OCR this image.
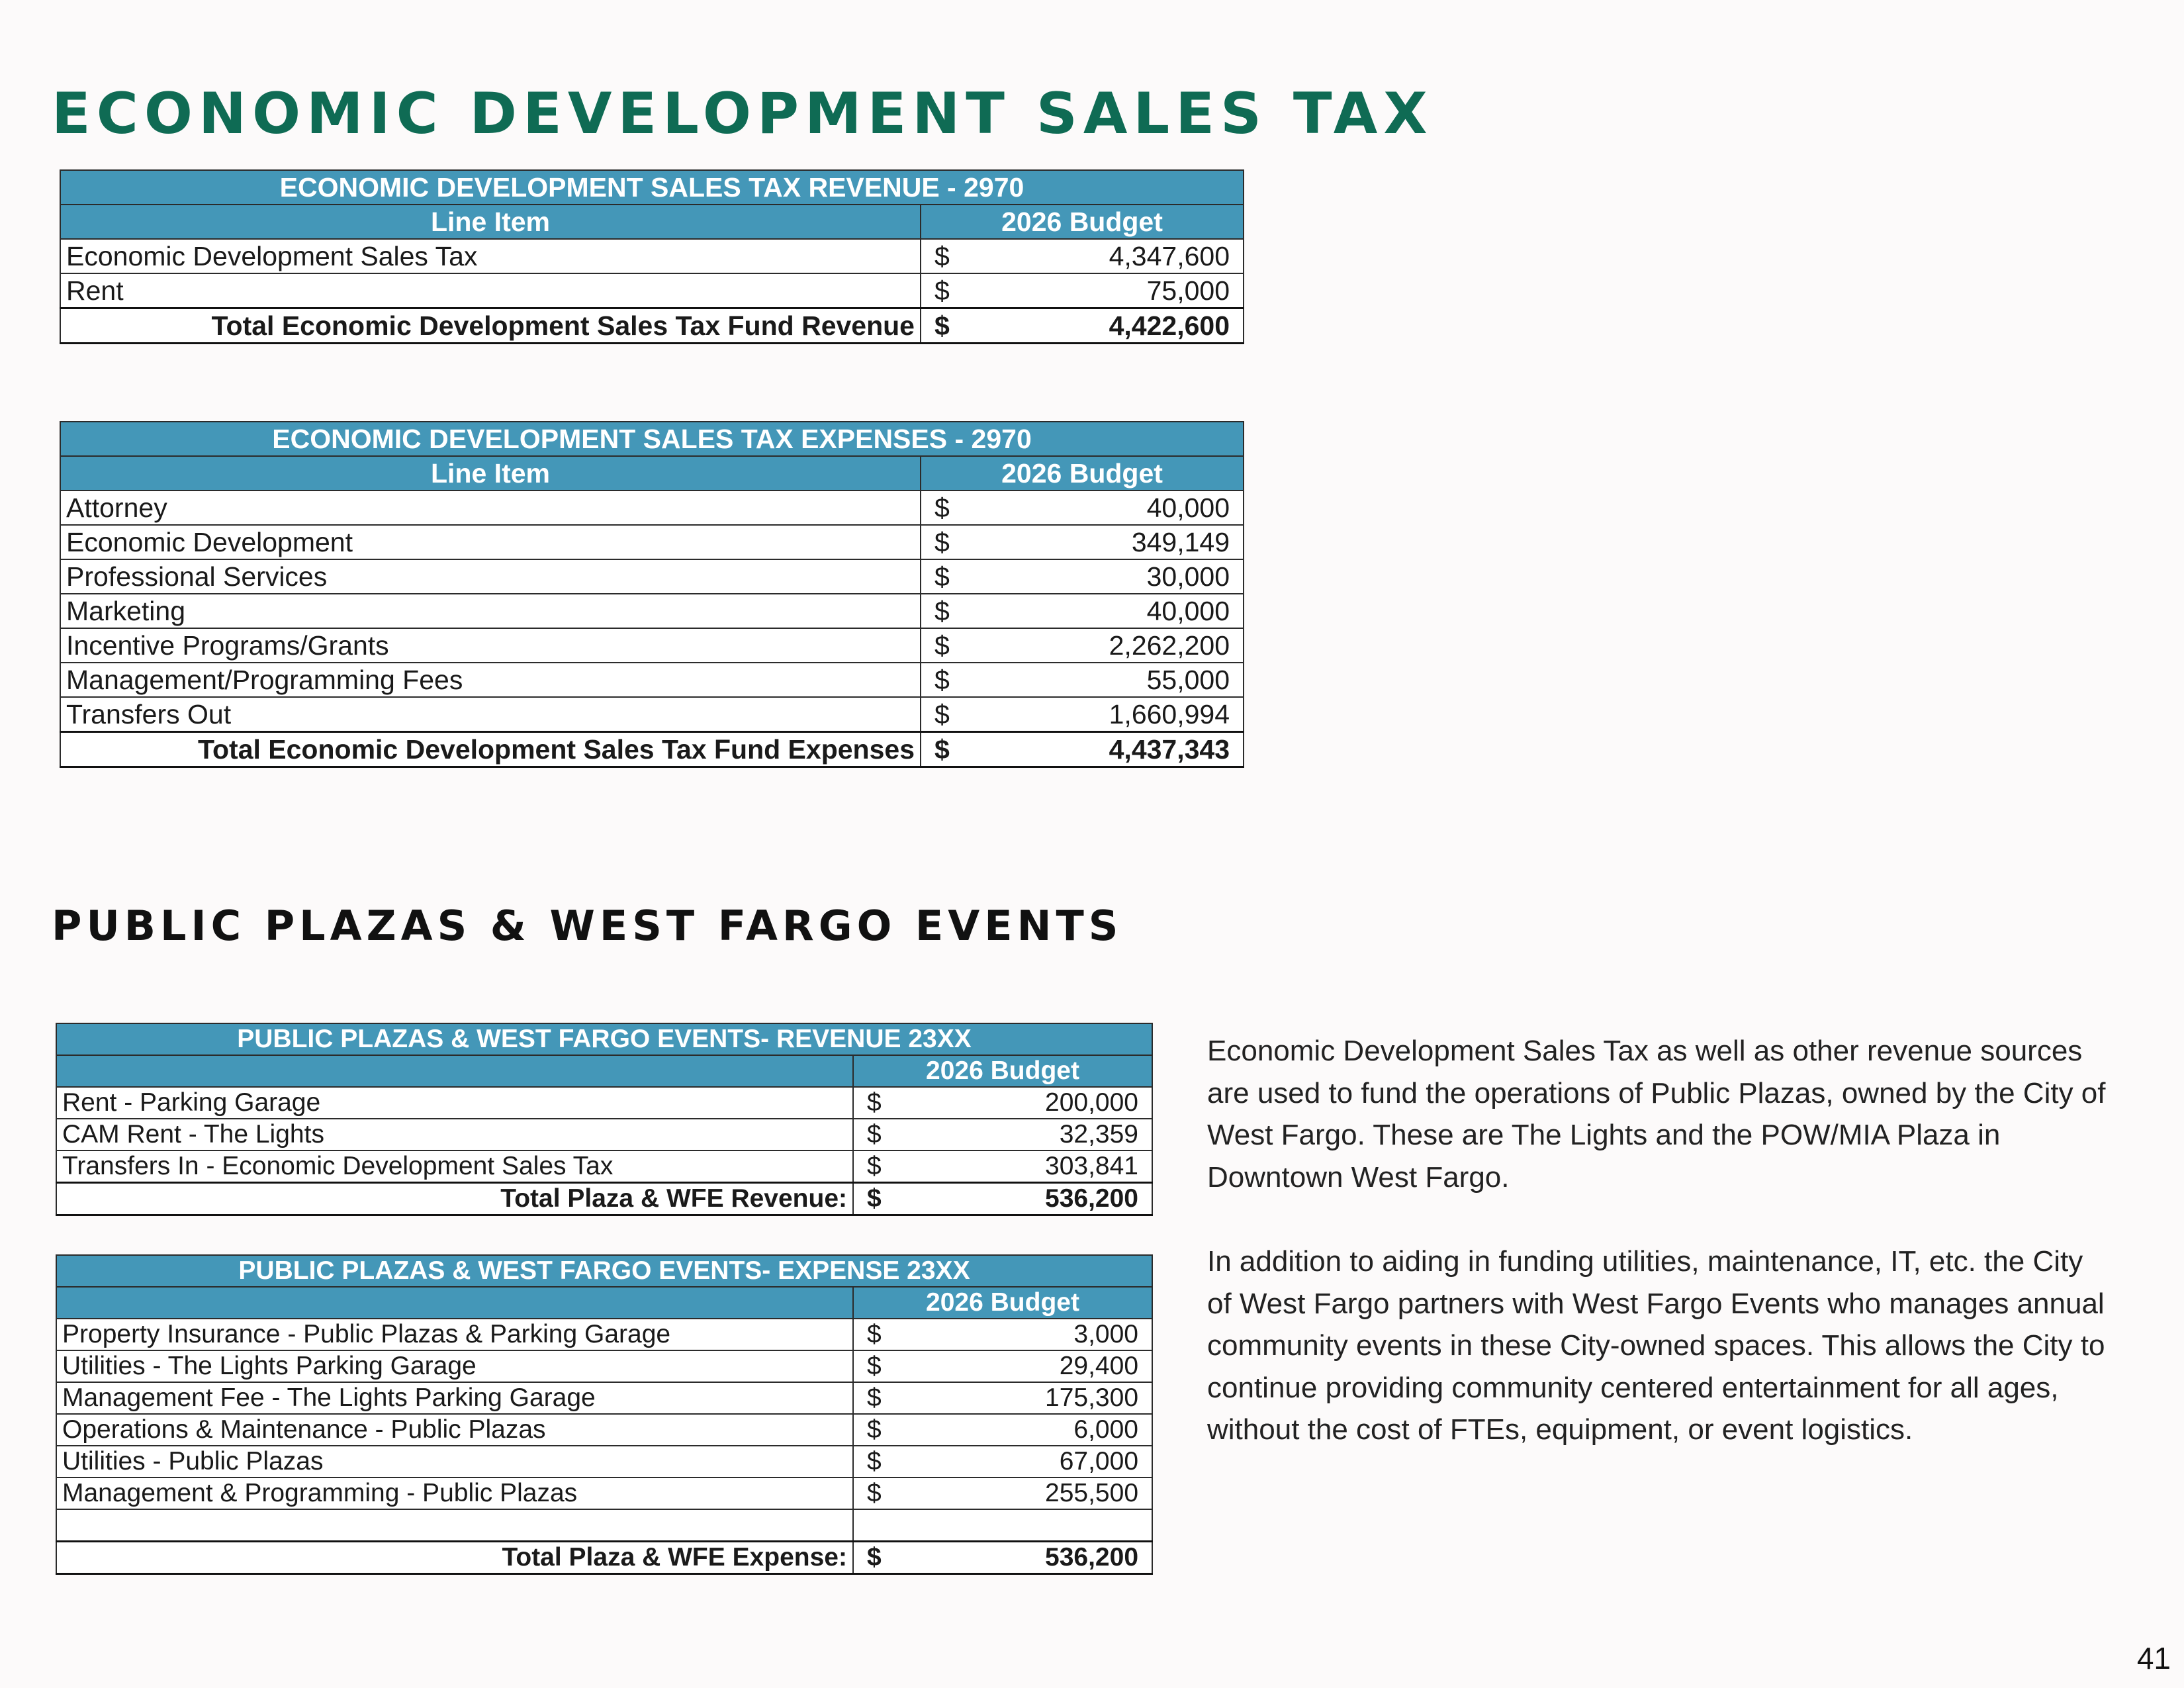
ECONOMIC DEVELOPMENT SALES TAX
ECONOMIC DEVELOPMENT SALES TAX REVENUE - 2970		
Line Item	2026 Budget	
Economic Development Sales Tax	$	4,347,600
Rent	$	75,000
Total Economic Development Sales Tax Fund Revenue	$	4,422,600
ECONOMIC DEVELOPMENT SALES TAX EXPENSES - 2970		
Line Item	2026 Budget	
Attorney	$	40,000
Economic Development	$	349,149
Professional Services	$	30,000
Marketing	$	40,000
Incentive Programs/Grants	$	2,262,200
Management/Programming Fees	$	55,000
Transfers Out	$	1,660,994
Total Economic Development Sales Tax Fund Expenses	$	4,437,343
PUBLIC PLAZAS & WEST FARGO EVENTS
PUBLIC PLAZAS & WEST FARGO EVENTS- REVENUE 23XX		
	2026 Budget	
Rent - Parking Garage	$	200,000
CAM Rent - The Lights	$	32,359
Transfers In - Economic Development Sales Tax	$	303,841
Total Plaza & WFE Revenue:	$	536,200
PUBLIC PLAZAS & WEST FARGO EVENTS- EXPENSE 23XX		
	2026 Budget	
Property Insurance - Public Plazas & Parking Garage	$	3,000
Utilities - The Lights Parking Garage	$	29,400
Management Fee - The Lights Parking Garage	$	175,300
Operations & Maintenance - Public Plazas	$	6,000
Utilities - Public Plazas	$	67,000
Management & Programming - Public Plazas	$	255,500

Total Plaza & WFE Expense:	$	536,200

Economic Development Sales Tax as well as other revenue sources are used to fund the operations of Public Plazas, owned by the City of West Fargo. These are The Lights and the POW/MIA Plaza in Downtown West Fargo.

In addition to aiding in funding utilities, maintenance, IT, etc. the City of West Fargo partners with West Fargo Events who manages annual community events in these City-owned spaces. This allows the City to continue providing community centered entertainment for all ages, without the cost of FTEs, equipment, or event logistics.

41
